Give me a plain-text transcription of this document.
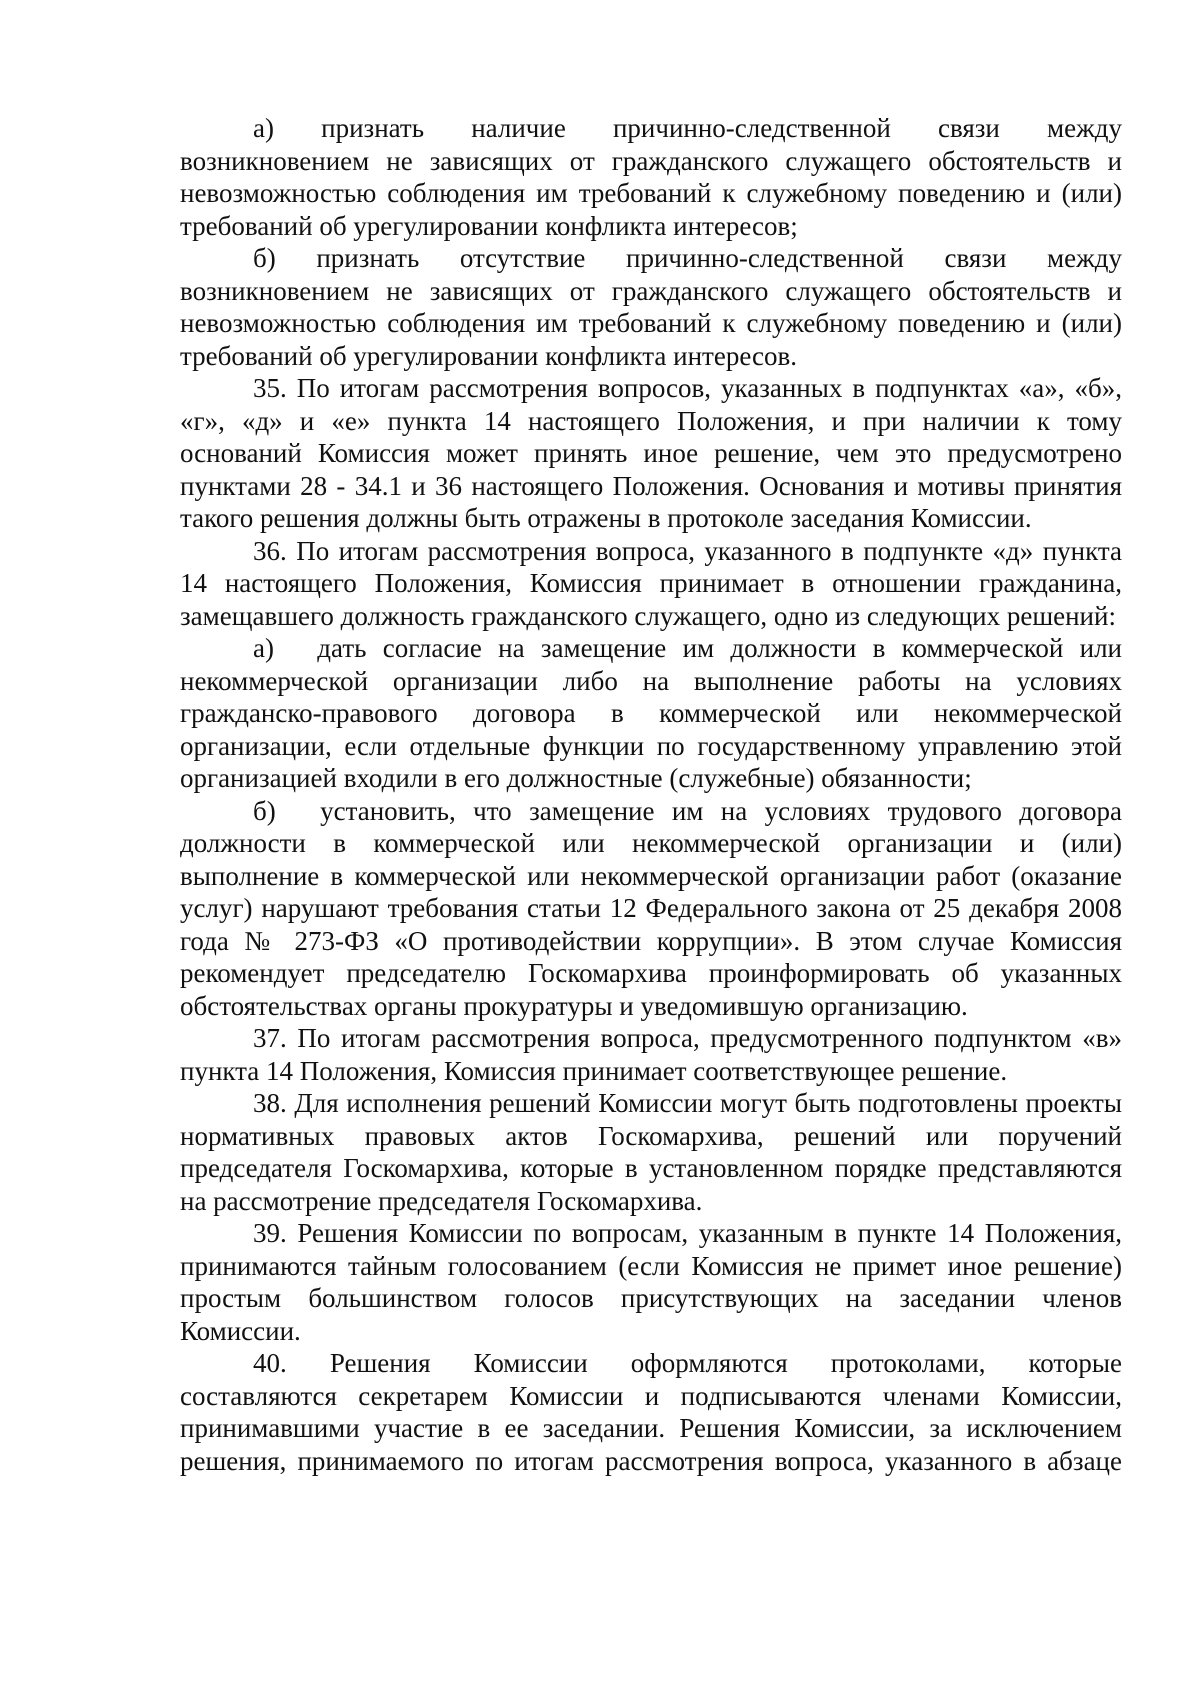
а)  признать  наличие  причинно-следственной  связи  между возникновением не зависящих от гражданского служащего обстоятельств и невозможностью соблюдения им требований к служебному поведению и (или) требований об урегулировании конфликта интересов;

б)  признать  отсутствие  причинно-следственной  связи  между возникновением не зависящих от гражданского служащего обстоятельств и невозможностью соблюдения им требований к служебному поведению и (или) требований об урегулировании конфликта интересов.

35. По итогам рассмотрения вопросов, указанных в подпунктах «а», «б», «г», «д» и «е» пункта 14 настоящего Положения, и при наличии к тому оснований Комиссия может принять иное решение, чем это предусмотрено пунктами 28 - 34.1 и 36 настоящего Положения. Основания и мотивы принятия такого решения должны быть отражены в протоколе заседания Комиссии.

36. По итогам рассмотрения вопроса, указанного в подпункте «д» пункта 14 настоящего Положения, Комиссия принимает в отношении гражданина, замещавшего должность гражданского служащего, одно из следующих решений:

а)  дать согласие на замещение им должности в коммерческой или некоммерческой организации либо на выполнение работы на условиях гражданско-правового договора в коммерческой или некоммерческой организации, если отдельные функции по государственному управлению этой организацией входили в его должностные (служебные) обязанности;

б)  установить, что замещение им на условиях трудового договора должности в коммерческой или некоммерческой организации и (или) выполнение в коммерческой или некоммерческой организации работ (оказание услуг) нарушают требования статьи 12 Федерального закона от 25 декабря 2008 года № 273-ФЗ «О противодействии коррупции». В этом случае Комиссия рекомендует председателю Госкомархива проинформировать об указанных обстоятельствах органы прокуратуры и уведомившую организацию.

37. По итогам рассмотрения вопроса, предусмотренного подпунктом «в» пункта 14 Положения, Комиссия принимает соответствующее решение.

38. Для исполнения решений Комиссии могут быть подготовлены проекты нормативных правовых актов Госкомархива, решений или поручений председателя Госкомархива, которые в установленном порядке представляются на рассмотрение председателя Госкомархива.

39. Решения Комиссии по вопросам, указанным в пункте 14 Положения, принимаются тайным голосованием (если Комиссия не примет иное решение) простым большинством голосов присутствующих на заседании членов Комиссии.

40.  Решения  Комиссии  оформляются  протоколами,  которые составляются секретарем Комиссии и подписываются членами Комиссии, принимавшими участие в ее заседании. Решения Комиссии, за исключением решения, принимаемого по итогам рассмотрения вопроса, указанного в абзаце
